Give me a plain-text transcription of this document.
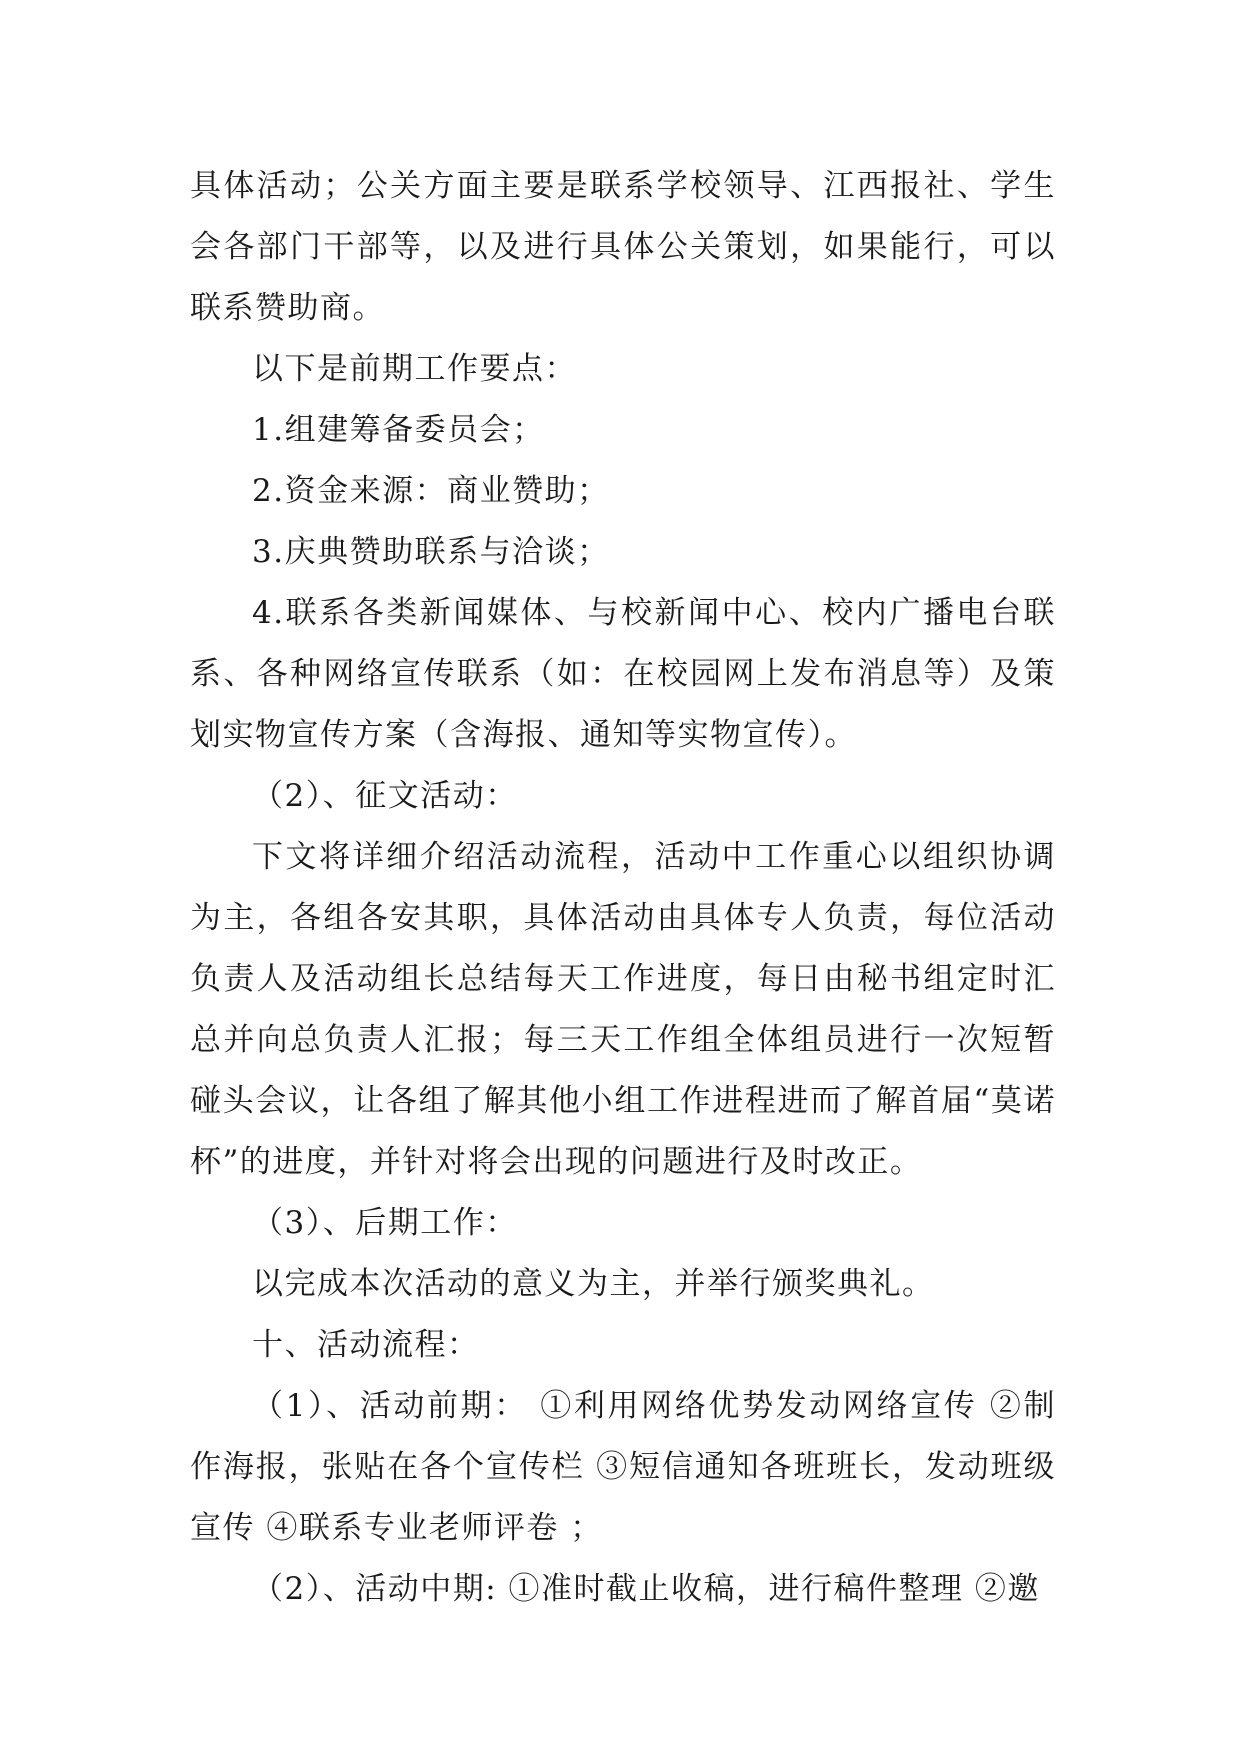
具体活动；公关方面主要是联系学校领导、江西报社、学生会各部门干部等，以及进行具体公关策划，如果能行，可以联系赞助商。

以下是前期工作要点：

1.组建筹备委员会；

2.资金来源：商业赞助；

3.庆典赞助联系与洽谈；

4.联系各类新闻媒体、与校新闻中心、校内广播电台联系、各种网络宣传联系（如：在校园网上发布消息等）及策划实物宣传方案（含海报、通知等实物宣传）。

（2）、征文活动：

下文将详细介绍活动流程，活动中工作重心以组织协调为主，各组各安其职，具体活动由具体专人负责，每位活动负责人及活动组长总结每天工作进度，每日由秘书组定时汇总并向总负责人汇报；每三天工作组全体组员进行一次短暂碰头会议，让各组了解其他小组工作进程进而了解首届“莫诺杯”的进度，并针对将会出现的问题进行及时改正。

（3）、后期工作：

以完成本次活动的意义为主，并举行颁奖典礼。

十、活动流程：

（1）、活动前期： ①利用网络优势发动网络宣传 ②制作海报，张贴在各个宣传栏 ③短信通知各班班长，发动班级宣传 ④联系专业老师评卷 ；

（2）、活动中期: ①准时截止收稿，进行稿件整理 ②邀
